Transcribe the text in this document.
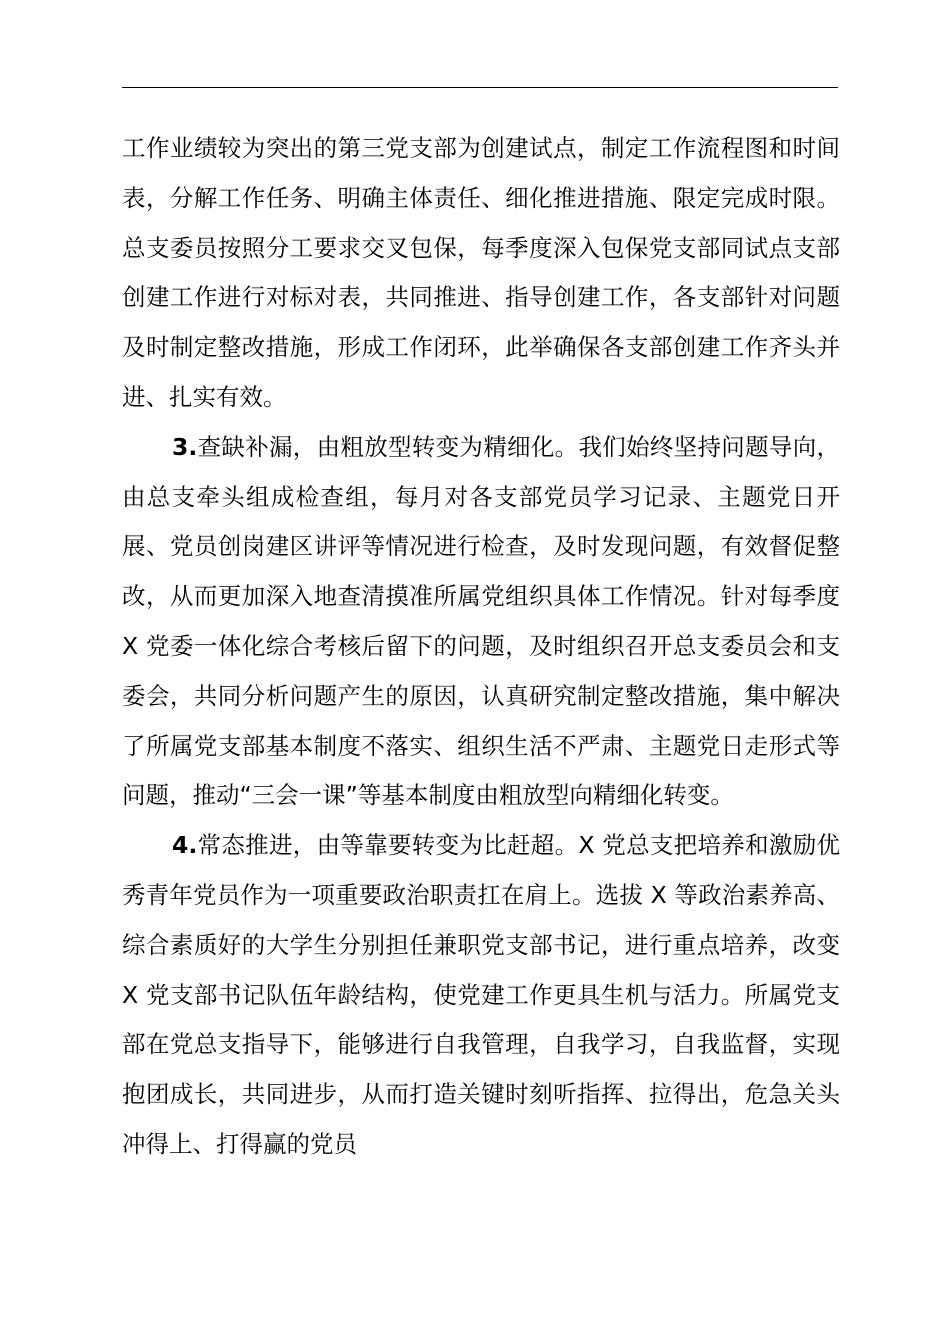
工作业绩较为突出的第三党支部为创建试点，制定工作流程图和时间表，分解工作任务、明确主体责任、细化推进措施、限定完成时限。总支委员按照分工要求交叉包保，每季度深入包保党支部同试点支部创建工作进行对标对表，共同推进、指导创建工作，各支部针对问题及时制定整改措施，形成工作闭环，此举确保各支部创建工作齐头并进、扎实有效。

3.查缺补漏，由粗放型转变为精细化。我们始终坚持问题导向，由总支牵头组成检查组，每月对各支部党员学习记录、主题党日开展、党员创岗建区讲评等情况进行检查，及时发现问题，有效督促整改，从而更加深入地查清摸准所属党组织具体工作情况。针对每季度 X 党委一体化综合考核后留下的问题，及时组织召开总支委员会和支委会，共同分析问题产生的原因，认真研究制定整改措施，集中解决了所属党支部基本制度不落实、组织生活不严肃、主题党日走形式等问题，推动“三会一课”等基本制度由粗放型向精细化转变。

4.常态推进，由等靠要转变为比赶超。X 党总支把培养和激励优秀青年党员作为一项重要政治职责扛在肩上。选拔 X 等政治素养高、综合素质好的大学生分别担任兼职党支部书记，进行重点培养，改变 X 党支部书记队伍年龄结构，使党建工作更具生机与活力。所属党支部在党总支指导下，能够进行自我管理，自我学习，自我监督，实现抱团成长，共同进步，从而打造关键时刻听指挥、拉得出，危急关头冲得上、打得赢的党员
